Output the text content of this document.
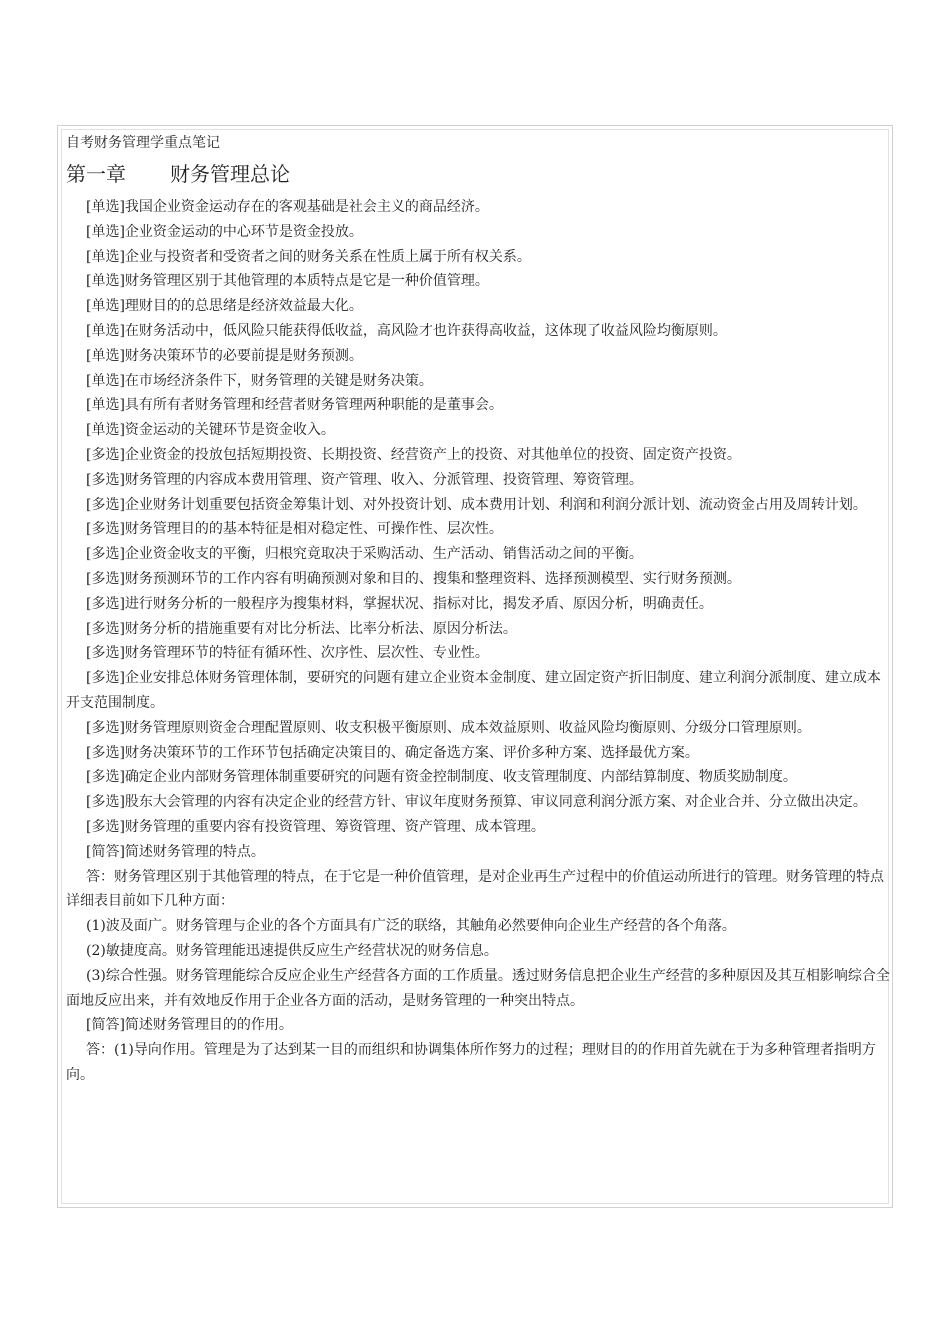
自考财务管理学重点笔记
第一章 财务管理总论

[单选]我国企业资金运动存在的客观基础是社会主义的商品经济。

[单选]企业资金运动的中心环节是资金投放。

[单选]企业与投资者和受资者之间的财务关系在性质上属于所有权关系。

[单选]财务管理区别于其他管理的本质特点是它是一种价值管理。

[单选]理财目的的总思绪是经济效益最大化。

[单选]在财务活动中，低风险只能获得低收益，高风险才也许获得高收益，这体现了收益风险均衡原则。

[单选]财务决策环节的必要前提是财务预测。

[单选]在市场经济条件下，财务管理的关键是财务决策。

[单选]具有所有者财务管理和经营者财务管理两种职能的是董事会。

[单选]资金运动的关键环节是资金收入。

[多选]企业资金的投放包括短期投资、长期投资、经营资产上的投资、对其他单位的投资、固定资产投资。

[多选]财务管理的内容成本费用管理、资产管理、收入、分派管理、投资管理、筹资管理。

[多选]企业财务计划重要包括资金筹集计划、对外投资计划、成本费用计划、利润和利润分派计划、流动资金占用及周转计划。

[多选]财务管理目的的基本特征是相对稳定性、可操作性、层次性。

[多选]企业资金收支的平衡，归根究竟取决于采购活动、生产活动、销售活动之间的平衡。

[多选]财务预测环节的工作内容有明确预测对象和目的、搜集和整理资料、选择预测模型、实行财务预测。

[多选]进行财务分析的一般程序为搜集材料，掌握状况、指标对比，揭发矛盾、原因分析，明确责任。

[多选]财务分析的措施重要有对比分析法、比率分析法、原因分析法。

[多选]财务管理环节的特征有循环性、次序性、层次性、专业性。

[多选]企业安排总体财务管理体制，要研究的问题有建立企业资本金制度、建立固定资产折旧制度、建立利润分派制度、建立成本开支范围制度。

[多选]财务管理原则资金合理配置原则、收支积极平衡原则、成本效益原则、收益风险均衡原则、分级分口管理原则。

[多选]财务决策环节的工作环节包括确定决策目的、确定备选方案、评价多种方案、选择最优方案。

[多选]确定企业内部财务管理体制重要研究的问题有资金控制制度、收支管理制度、内部结算制度、物质奖励制度。

[多选]股东大会管理的内容有决定企业的经营方针、审议年度财务预算、审议同意利润分派方案、对企业合并、分立做出决定。

[多选]财务管理的重要内容有投资管理、筹资管理、资产管理、成本管理。

[简答]简述财务管理的特点。

答：财务管理区别于其他管理的特点，在于它是一种价值管理，是对企业再生产过程中的价值运动所进行的管理。财务管理的特点详细表目前如下几种方面：

(1)波及面广。财务管理与企业的各个方面具有广泛的联络，其触角必然要伸向企业生产经营的各个角落。

(2)敏捷度高。财务管理能迅速提供反应生产经营状况的财务信息。

(3)综合性强。财务管理能综合反应企业生产经营各方面的工作质量。透过财务信息把企业生产经营的多种原因及其互相影响综合全面地反应出来，并有效地反作用于企业各方面的活动，是财务管理的一种突出特点。

[简答]简述财务管理目的的作用。

答：(1)导向作用。管理是为了达到某一目的而组织和协调集体所作努力的过程；理财目的的作用首先就在于为多种管理者指明方向。
